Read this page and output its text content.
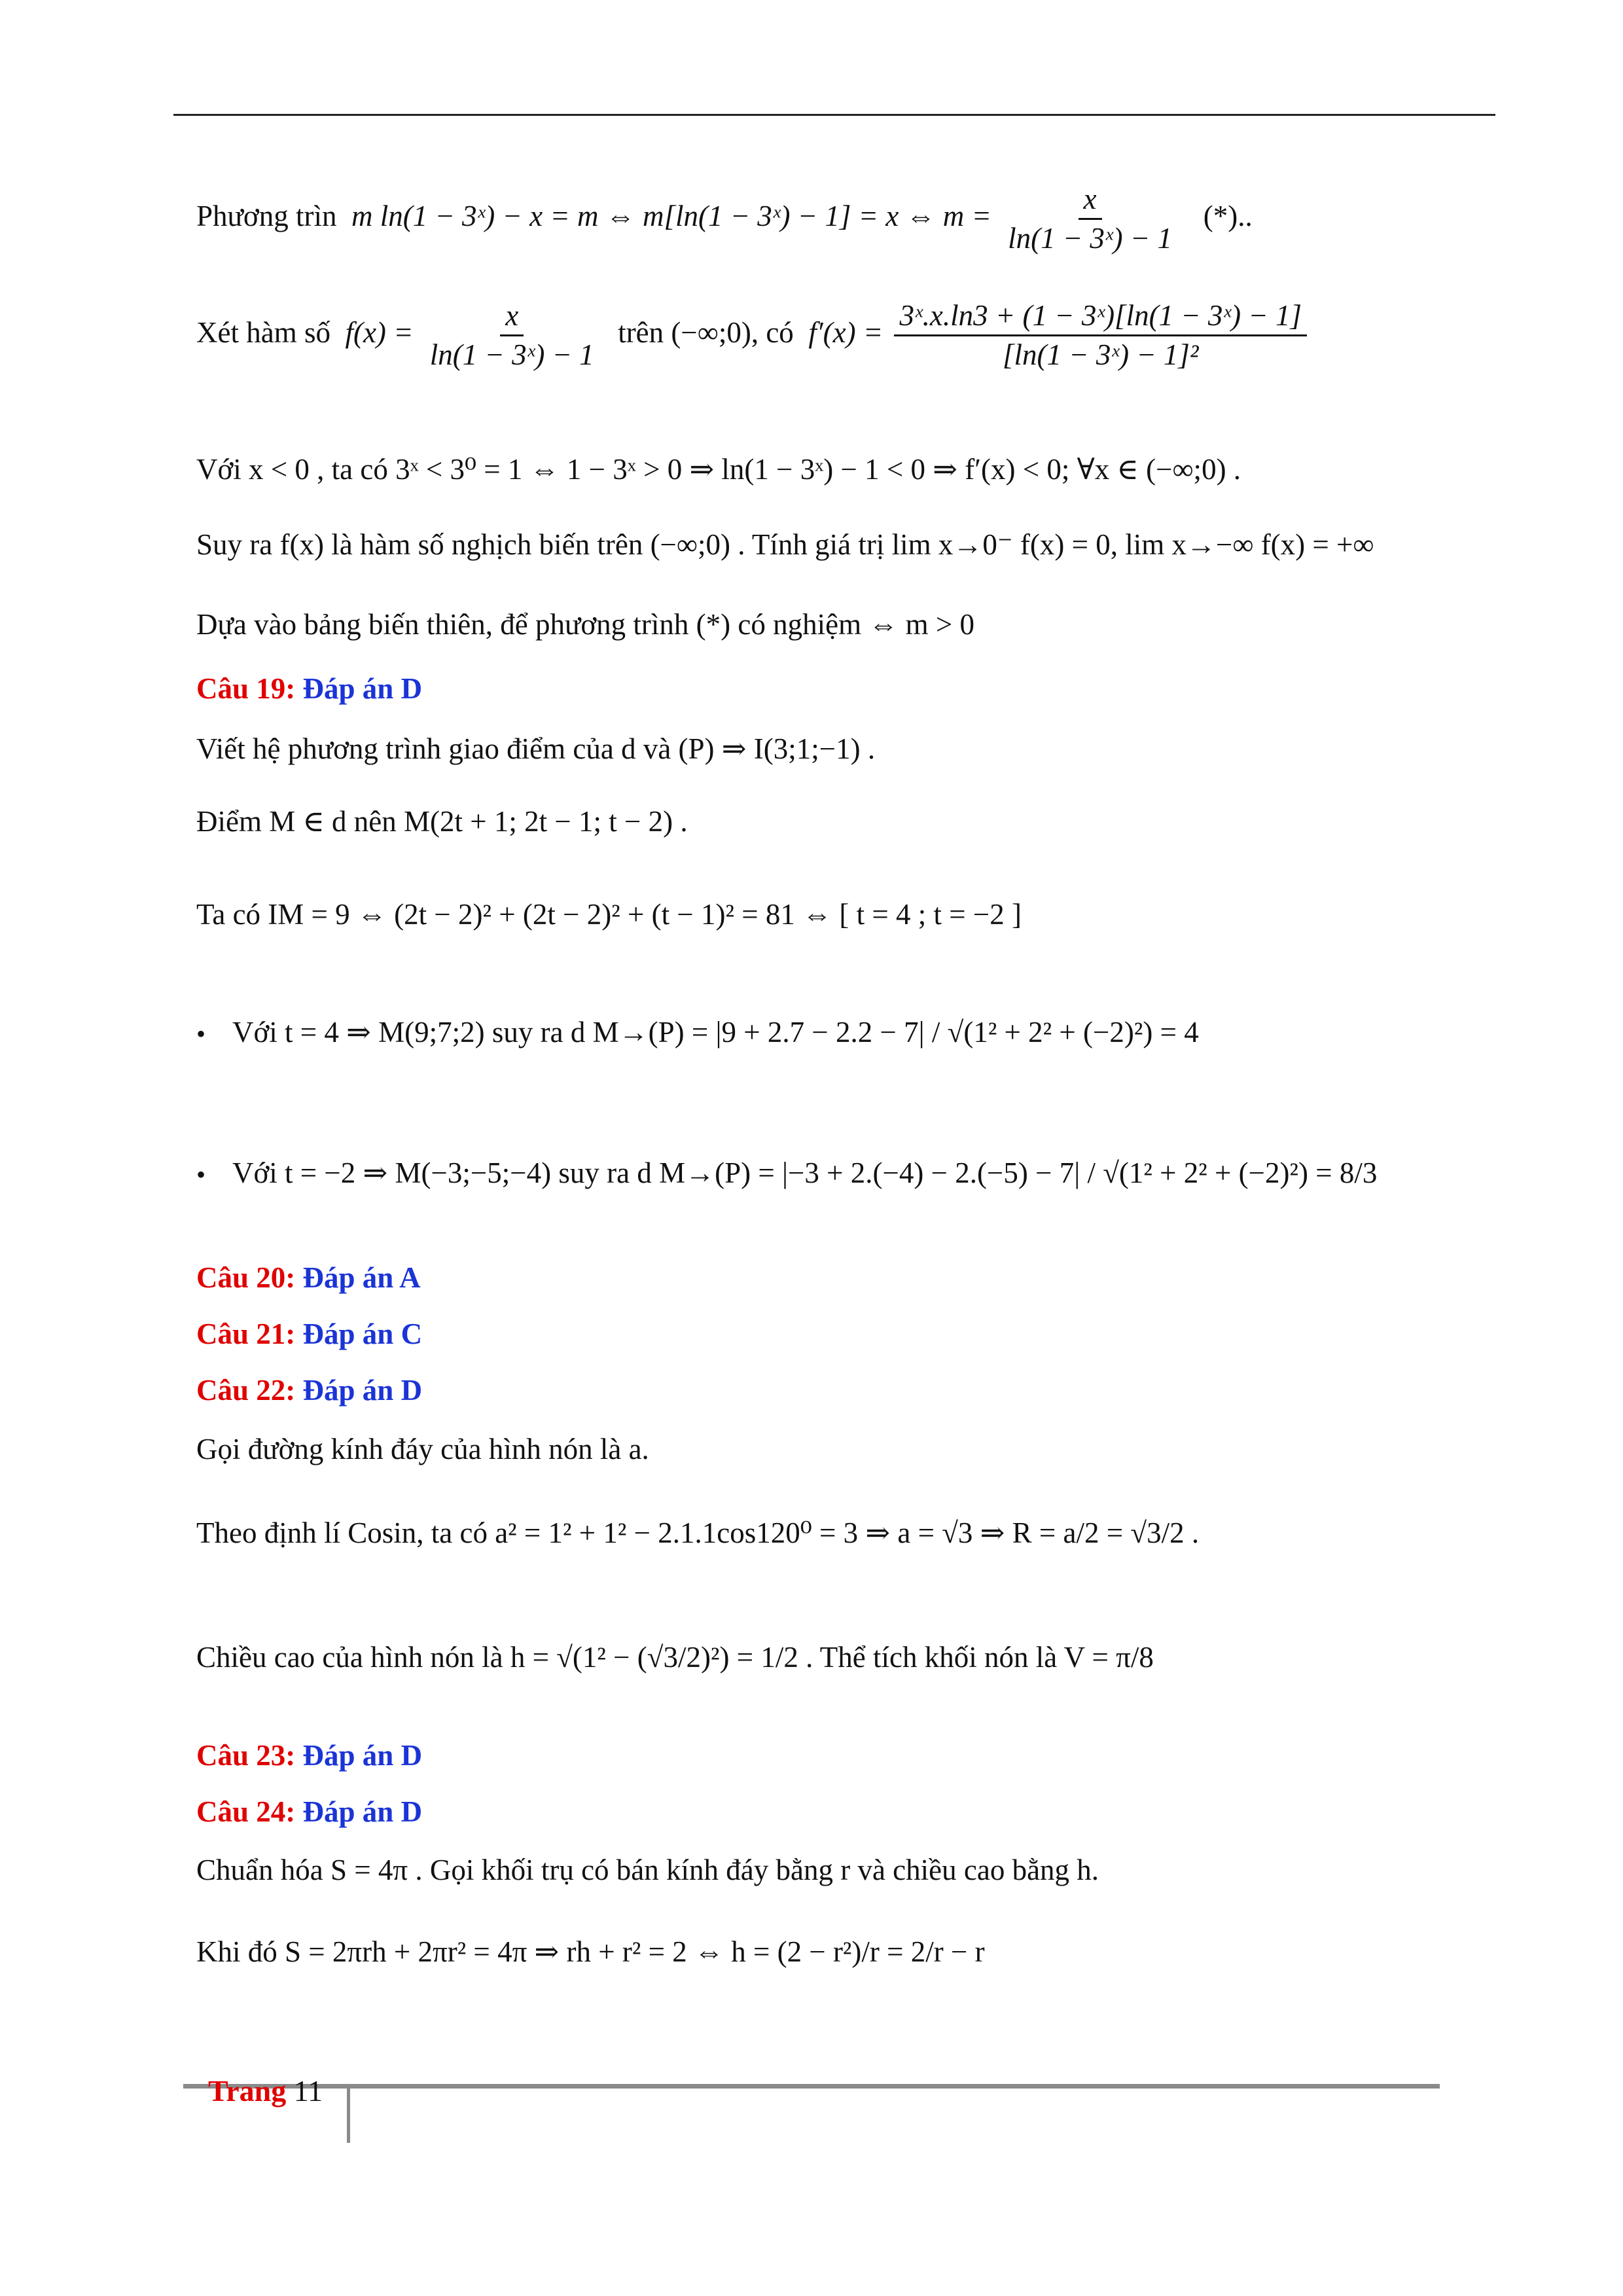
Phương trìn m ln(1 − 3ˣ) − x = m ⇔ m[ln(1 − 3ˣ) − 1] = x ⇔ $m = \frac{x}{\text{ln(1 − 3ˣ) − 1}}$ (*)..
Xét hàm số $f(x) = \frac{x}{\text{ln(1 − 3ˣ) − 1}}$ trên (−∞;0), có $f'(x) = \frac{\text{3ˣ.x.ln3 + (1 − 3ˣ)[ln(1 − 3ˣ) − 1]}}{\text{[ln(1 − 3ˣ) − 1]²}}$
Với x < 0 , ta có 3ˣ < 3⁰ = 1 ⇔ 1 − 3ˣ > 0 ⇒ ln(1 − 3ˣ) − 1 < 0 ⇒ f′(x) < 0; ∀x ∈ (−∞;0) .
Suy ra f(x) là hàm số nghịch biến trên (−∞;0) . Tính giá trị lim x→0⁻ f(x) = 0, lim x→−∞ f(x) = +∞
Dựa vào bảng biến thiên, để phương trình (*) có nghiệm ⇔ m > 0
Câu 19: Đáp án D
Viết hệ phương trình giao điểm của d và (P) ⇒ I(3;1;−1) .
Điểm M ∈ d nên M(2t + 1; 2t − 1; t − 2) .
Ta có IM = 9 ⇔ (2t − 2)² + (2t − 2)² + (t − 1)² = 81 ⇔ [ t = 4 ; t = −2 ]
• Với t = 4 ⇒ M(9;7;2) suy ra d M→(P) = |9 + 2.7 − 2.2 − 7| / √(1² + 2² + (−2)²) = 4
• Với t = −2 ⇒ M(−3;−5;−4) suy ra d M→(P) = |−3 + 2.(−4) − 2.(−5) − 7| / √(1² + 2² + (−2)²) = 8/3
Câu 20: Đáp án A
Câu 21: Đáp án C
Câu 22: Đáp án D
Gọi đường kính đáy của hình nón là a.
Theo định lí Cosin, ta có a² = 1² + 1² − 2.1.1cos120⁰ = 3 ⇒ a = √3 ⇒ R = a/2 = √3/2 .
Chiều cao của hình nón là h = √(1² − (√3/2)²) = 1/2 . Thể tích khối nón là V = π/8
Câu 23: Đáp án D
Câu 24: Đáp án D
Chuẩn hóa S = 4π . Gọi khối trụ có bán kính đáy bằng r và chiều cao bằng h.
Khi đó S = 2πrh + 2πr² = 4π ⇒ rh + r² = 2 ⇔ h = (2 − r²)/r = 2/r − r
Trang 11
